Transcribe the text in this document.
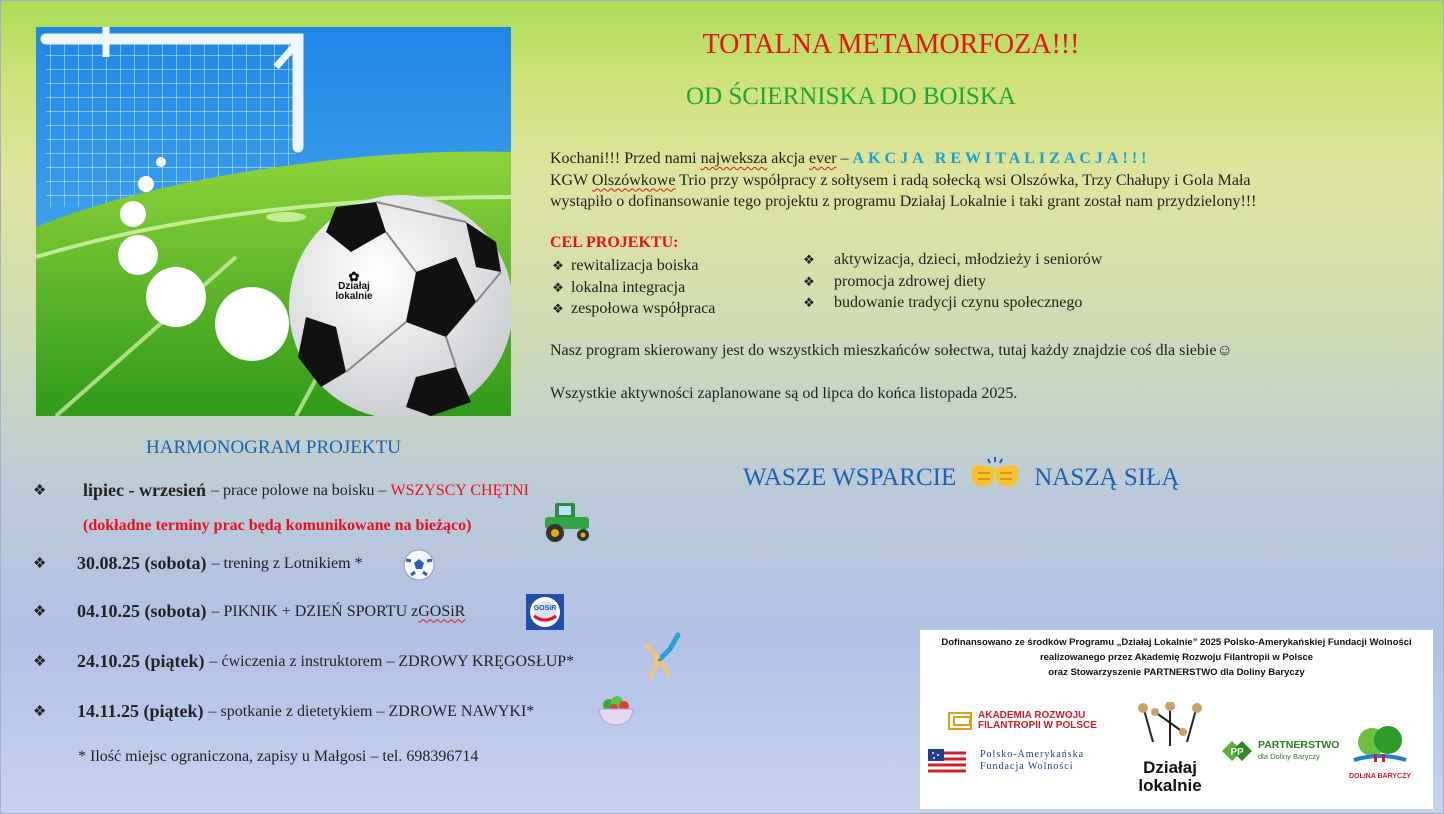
✿
Działaj
lokalnie
TOTALNA METAMORFOZA!!!
OD ŚCIERNISKA DO BOISKA
Kochani!!! Przed nami najweksza akcja ever – AKCJA REWITALIZACJA!!!
KGW Olszówkowe Trio przy współpracy z sołtysem i radą sołecką wsi Olszówka, Trzy Chałupy i Gola Mała
wystąpiło o dofinansowanie tego projektu z programu Działaj Lokalnie i taki grant został nam przydzielony!!!
CEL PROJEKTU:
❖ rewitalizacja boiska
❖ lokalna integracja
❖ zespołowa współpraca
❖ aktywizacja, dzieci, młodzieży i seniorów
❖ promocja zdrowej diety
❖ budowanie tradycji czynu społecznego
Nasz program skierowany jest do wszystkich mieszkańców sołectwa, tutaj każdy znajdzie coś dla siebie☺
Wszystkie aktywności zaplanowane są od lipca do końca listopada 2025.
HARMONOGRAM PROJEKTU
❖	lipiec - wrzesień – prace polowe na boisku –
WSZYSCY CHĘTNI
(dokładne terminy prac będą komunikowane na bieżąco)
❖	30.08.25 (sobota) – trening z Lotnikiem *
❖	04.10.25 (sobota) – PIKNIK + DZIEŃ SPORTU z GOSiR	GOSiR
❖	24.10.25 (piątek) – ćwiczenia z instruktorem – ZDROWY KRĘGOSŁUP*
❖	14.11.25 (piątek) – spotkanie z dietetykiem – ZDROWE NAWYKI*
* Ilość miejsc ograniczona, zapisy u Małgosi – tel. 698396714
WASZE WSPARCIE	NASZĄ SIŁĄ
Dofinansowano ze środków Programu „Działaj Lokalnie” 2025 Polsko-Amerykańskiej Fundacji Wolności
realizowanego przez Akademię Rozwoju Filantropii w Polsce
oraz Stowarzyszenie PARTNERSTWO dla Doliny Baryczy
AKADEMIA ROZWOJU
FILANTROPII W POLSCE
Polsko-Amerykańska
Fundacja Wolności	Działaj
lokalnie
PP
PARTNERSTWO
dla Doliny Baryczy
DOLINA BARYCZY
